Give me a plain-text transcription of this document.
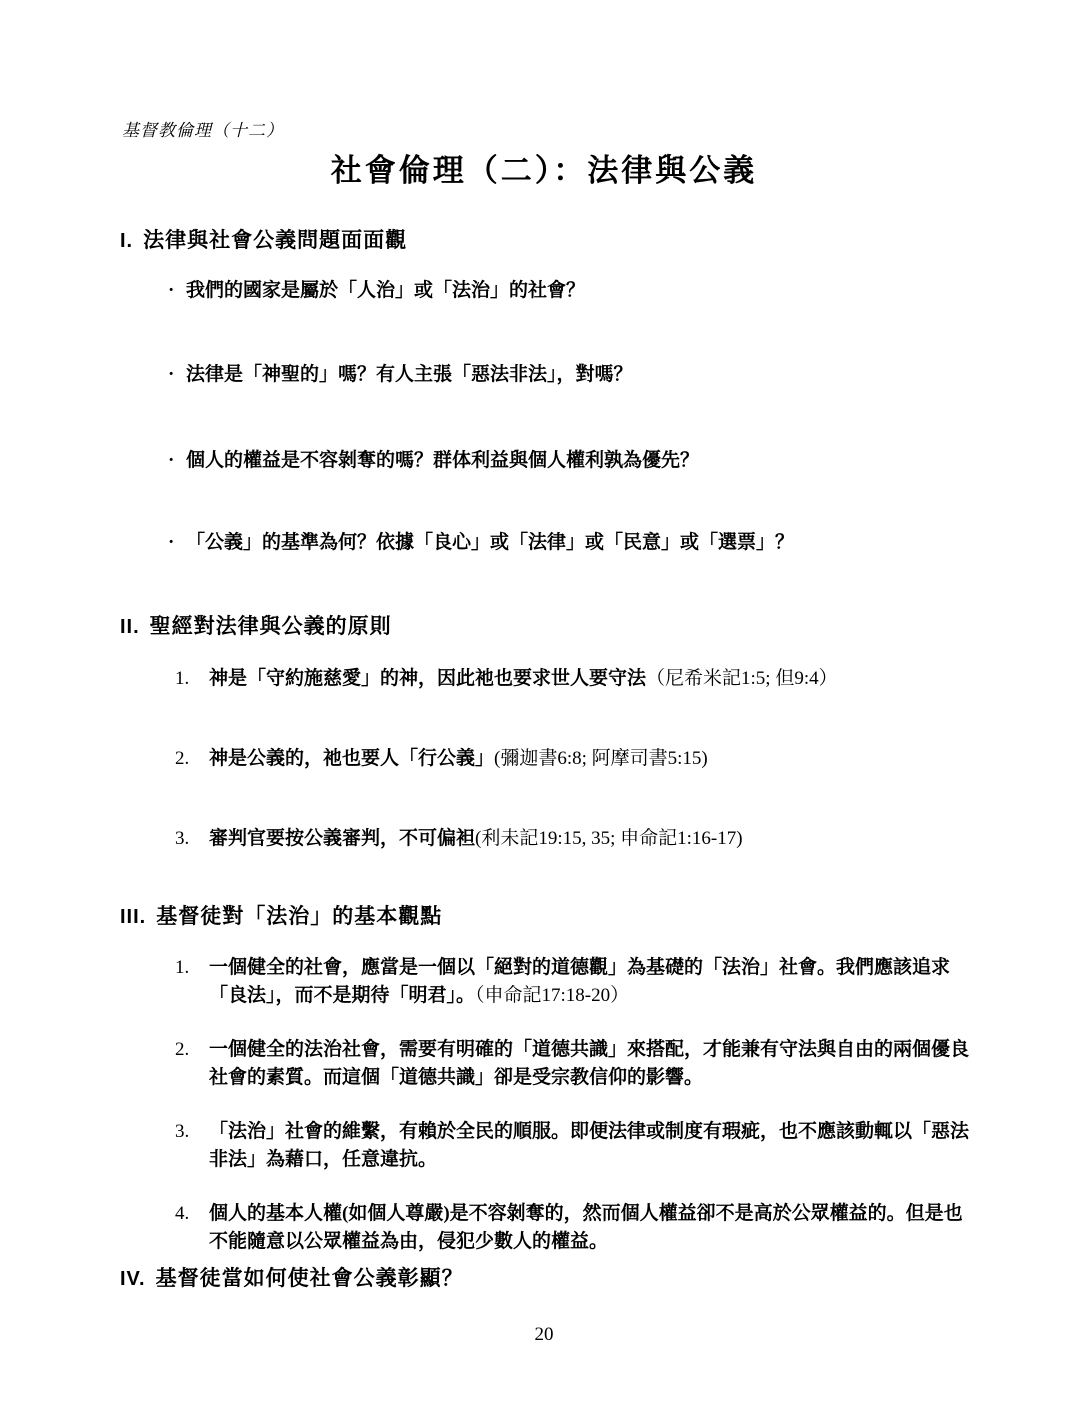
基督教倫理（十二）
社會倫理（二）：法律與公義
I. 法律與社會公義問題面面觀
· 我們的國家是屬於「人治」或「法治」的社會？
· 法律是「神聖的」嗎？有人主張「惡法非法」，對嗎？
· 個人的權益是不容剝奪的嗎？群体利益與個人權利孰為優先？
· 「公義」的基準為何？依據「良心」或「法律」或「民意」或「選票」？
II. 聖經對法律與公義的原則
1.	神是「守約施慈愛」的神，因此祂也要求世人要守法（尼希米記1:5; 但9:4）
2.	神是公義的，祂也要人「行公義」(彌迦書6:8; 阿摩司書5:15)
3.	審判官要按公義審判，不可偏袒(利未記19:15, 35; 申命記1:16-17)
III. 基督徒對「法治」的基本觀點
1.	一個健全的社會，應當是一個以「絕對的道德觀」為基礎的「法治」社會。我們應該追求「良法」，而不是期待「明君」。（申命記17:18-20）
2.	一個健全的法治社會，需要有明確的「道德共識」來搭配，才能兼有守法與自由的兩個優良社會的素質。而這個「道德共識」卻是受宗教信仰的影響。
3.	「法治」社會的維繫，有賴於全民的順服。即便法律或制度有瑕疵，也不應該動輒以「惡法非法」為藉口，任意違抗。
4.	個人的基本人權(如個人尊嚴)是不容剝奪的，然而個人權益卻不是高於公眾權益的。但是也不能隨意以公眾權益為由，侵犯少數人的權益。
IV. 基督徒當如何使社會公義彰顯？
20
